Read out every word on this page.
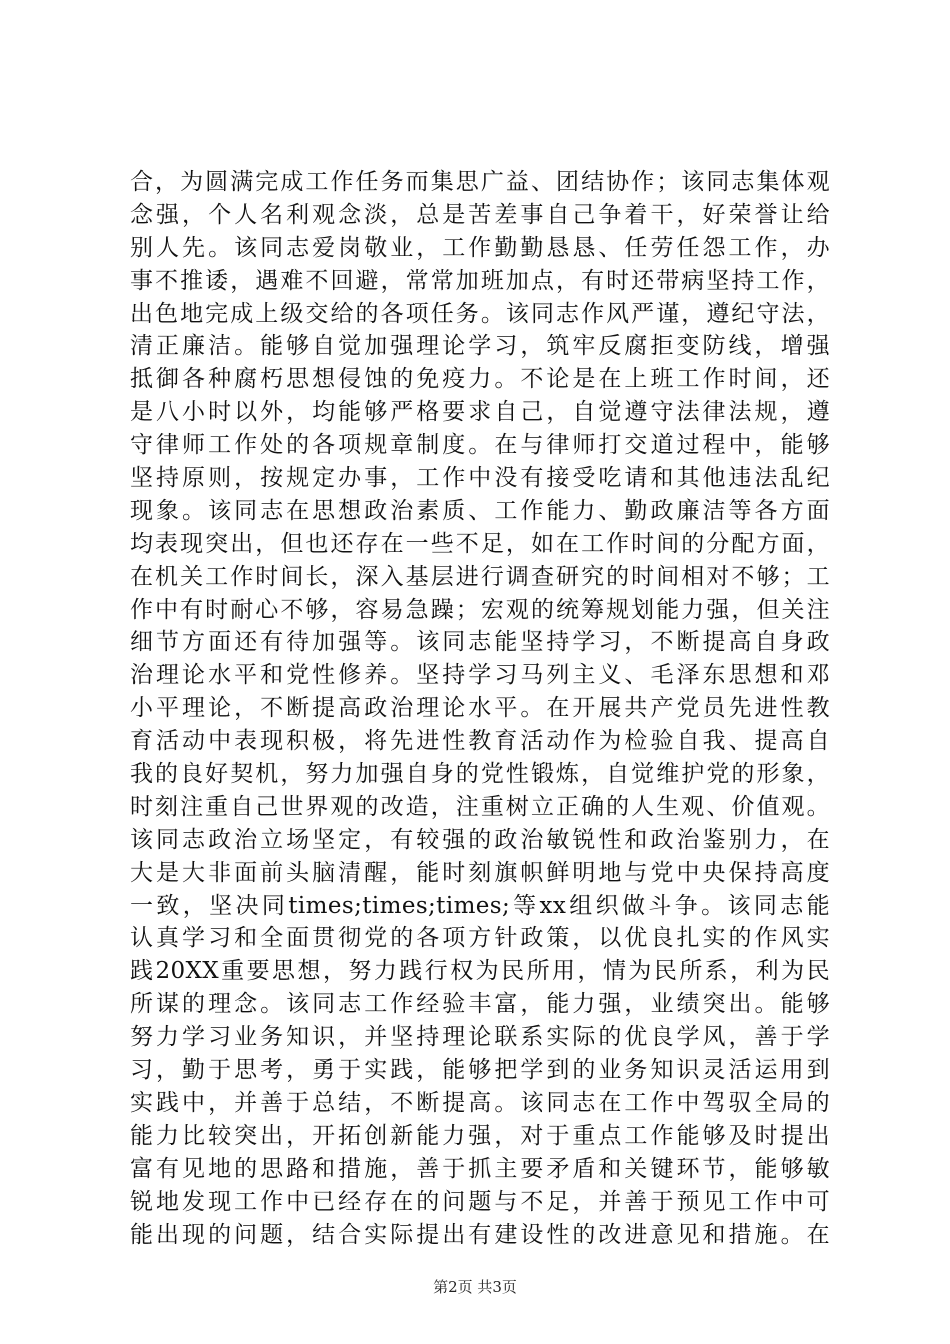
合，为圆满完成工作任务而集思广益、团结协作；该同志集体观
念强，个人名利观念淡，总是苦差事自己争着干，好荣誉让给
别人先。该同志爱岗敬业，工作勤勤恳恳、任劳任怨工作，办
事不推诿，遇难不回避，常常加班加点，有时还带病坚持工作，
出色地完成上级交给的各项任务。该同志作风严谨，遵纪守法，
清正廉洁。能够自觉加强理论学习，筑牢反腐拒变防线，增强
抵御各种腐朽思想侵蚀的免疫力。不论是在上班工作时间，还
是八小时以外，均能够严格要求自己，自觉遵守法律法规，遵
守律师工作处的各项规章制度。在与律师打交道过程中，能够
坚持原则，按规定办事，工作中没有接受吃请和其他违法乱纪
现象。该同志在思想政治素质、工作能力、勤政廉洁等各方面
均表现突出，但也还存在一些不足，如在工作时间的分配方面，
在机关工作时间长，深入基层进行调查研究的时间相对不够；工
作中有时耐心不够，容易急躁；宏观的统筹规划能力强，但关注
细节方面还有待加强等。该同志能坚持学习，不断提高自身政
治理论水平和党性修养。坚持学习马列主义、毛泽东思想和邓
小平理论，不断提高政治理论水平。在开展共产党员先进性教
育活动中表现积极，将先进性教育活动作为检验自我、提高自
我的良好契机，努力加强自身的党性锻炼，自觉维护党的形象，
时刻注重自己世界观的改造，注重树立正确的人生观、价值观。
该同志政治立场坚定，有较强的政治敏锐性和政治鉴别力，在
大是大非面前头脑清醒，能时刻旗帜鲜明地与党中央保持高度
一致，坚决同times;times;times;等xx组织做斗争。该同志能
认真学习和全面贯彻党的各项方针政策，以优良扎实的作风实
践20XX重要思想，努力践行权为民所用，情为民所系，利为民
所谋的理念。该同志工作经验丰富，能力强，业绩突出。能够
努力学习业务知识，并坚持理论联系实际的优良学风，善于学
习，勤于思考，勇于实践，能够把学到的业务知识灵活运用到
实践中，并善于总结，不断提高。该同志在工作中驾驭全局的
能力比较突出，开拓创新能力强，对于重点工作能够及时提出
富有见地的思路和措施，善于抓主要矛盾和关键环节，能够敏
锐地发现工作中已经存在的问题与不足，并善于预见工作中可
能出现的问题，结合实际提出有建设性的改进意见和措施。在
第2页 共3页
